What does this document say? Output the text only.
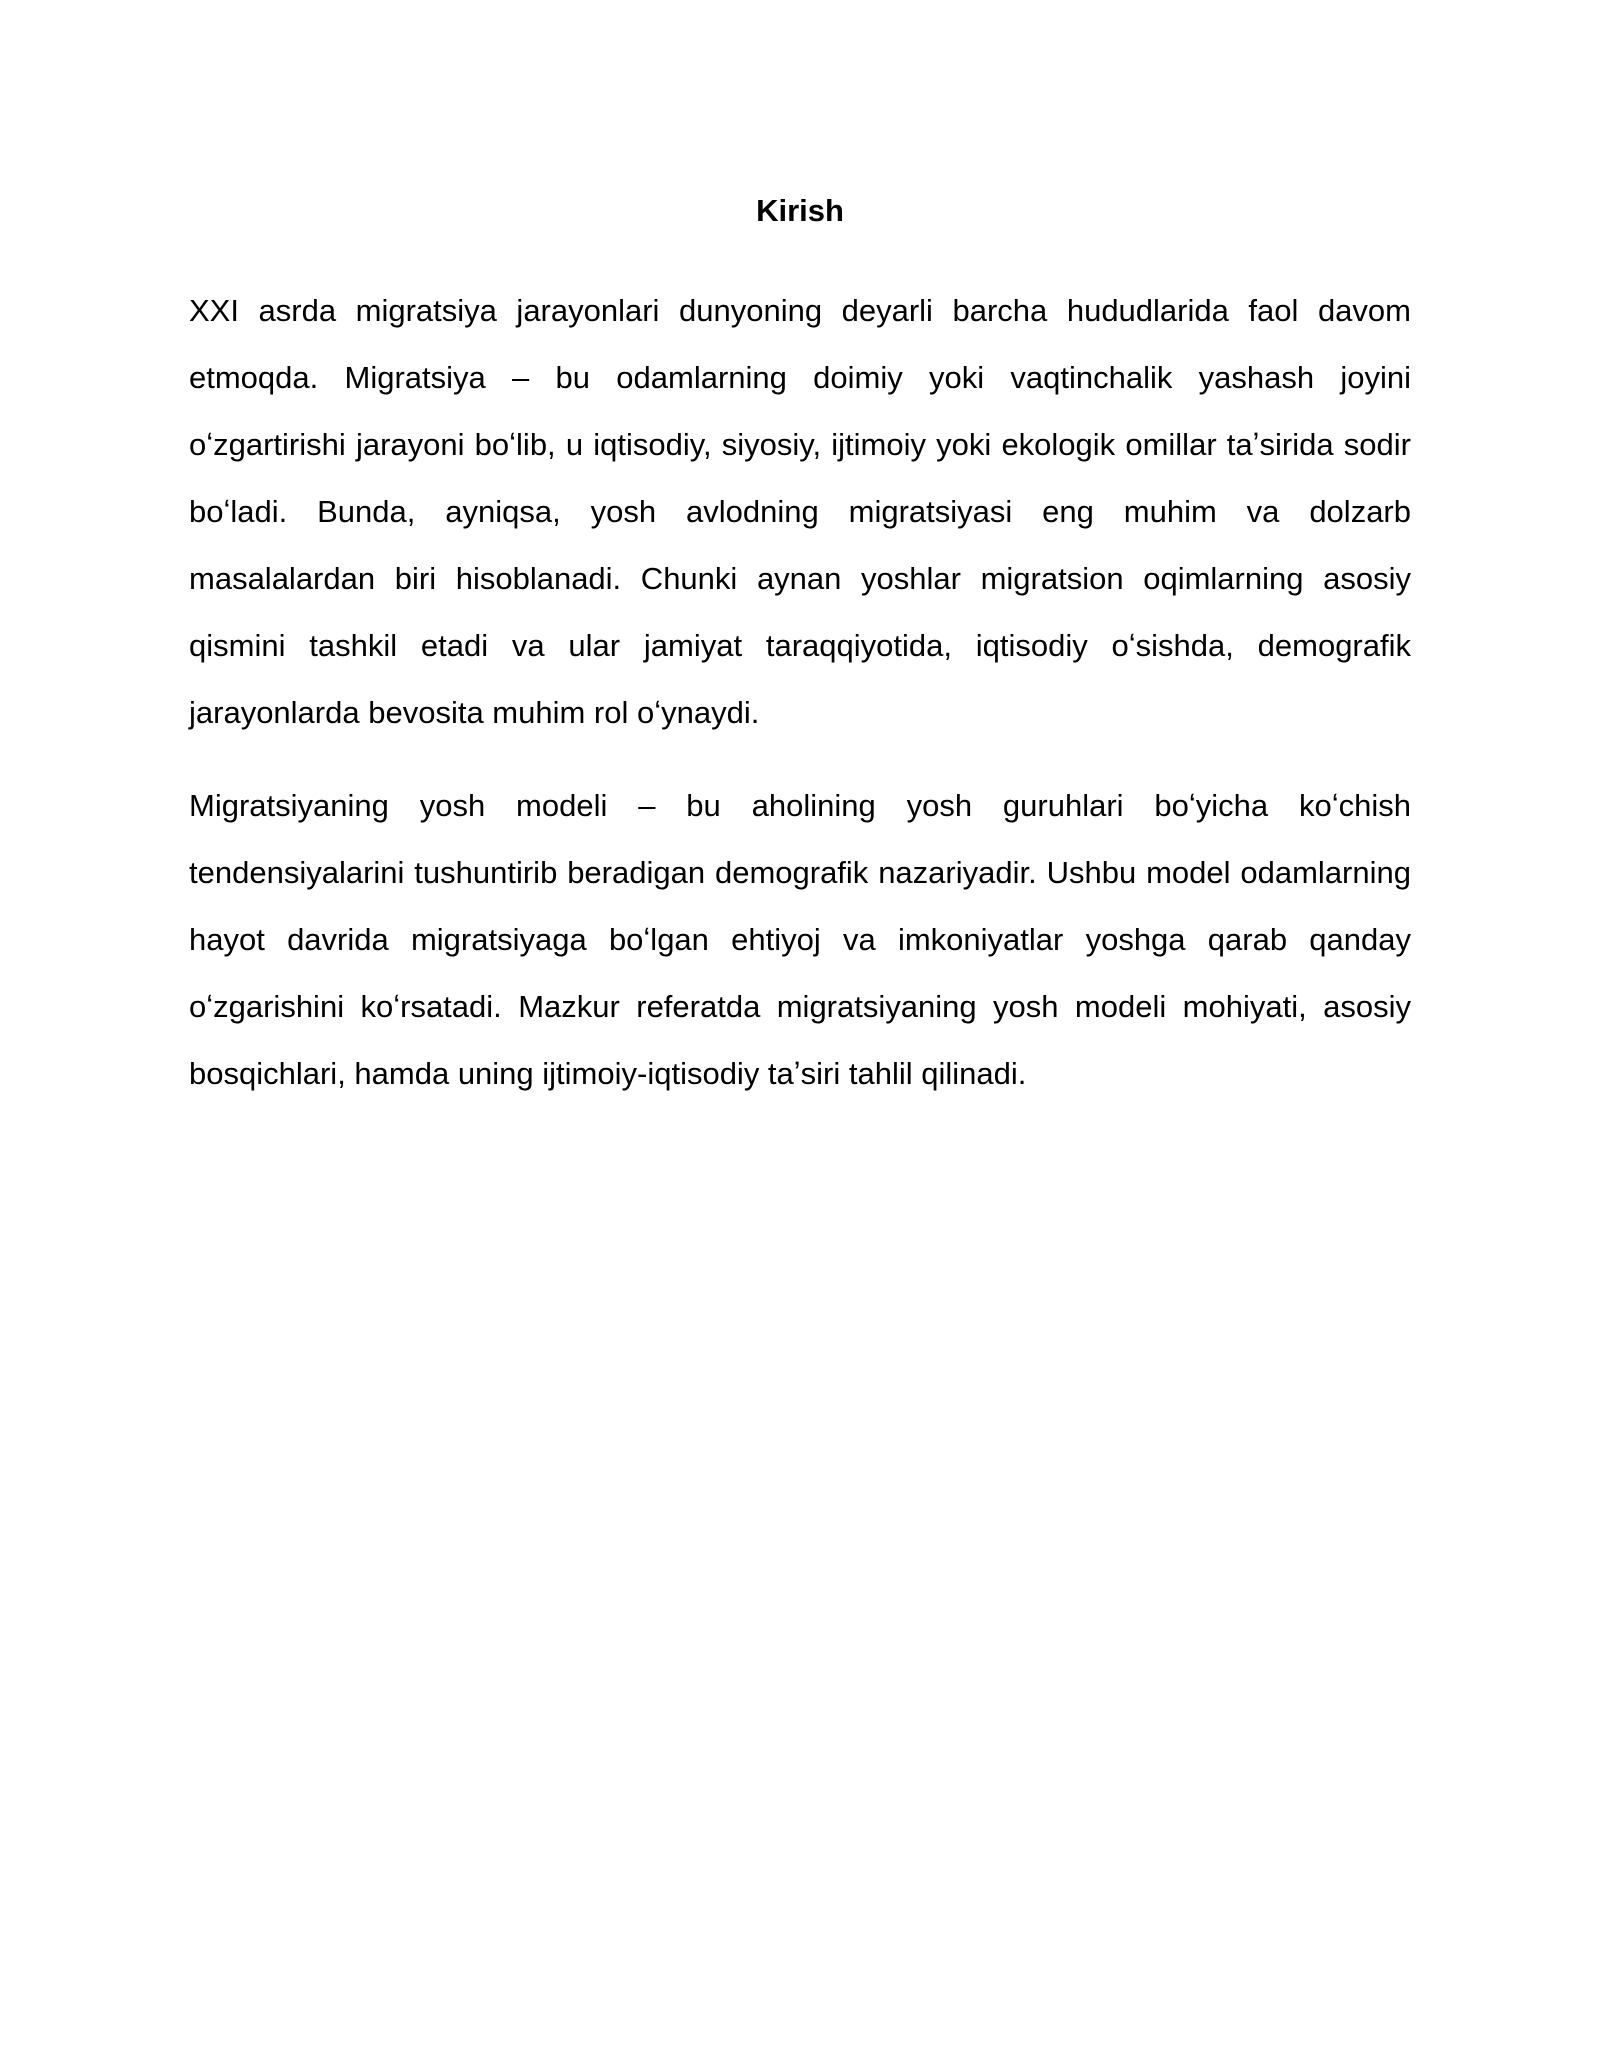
Kirish

XXI asrda migratsiya jarayonlari dunyoning deyarli barcha hududlarida faol davom etmoqda. Migratsiya – bu odamlarning doimiy yoki vaqtinchalik yashash joyini oʻzgartirishi jarayoni boʻlib, u iqtisodiy, siyosiy, ijtimoiy yoki ekologik omillar taʼsirida sodir boʻladi. Bunda, ayniqsa, yosh avlodning migratsiyasi eng muhim va dolzarb masalalardan biri hisoblanadi. Chunki aynan yoshlar migratsion oqimlarning asosiy qismini tashkil etadi va ular jamiyat taraqqiyotida, iqtisodiy oʻsishda, demografik jarayonlarda bevosita muhim rol oʻynaydi.

Migratsiyaning yosh modeli – bu aholining yosh guruhlari boʻyicha koʻchish tendensiyalarini tushuntirib beradigan demografik nazariyadir. Ushbu model odamlarning hayot davrida migratsiyaga boʻlgan ehtiyoj va imkoniyatlar yoshga qarab qanday oʻzgarishini koʻrsatadi. Mazkur referatda migratsiyaning yosh modeli mohiyati, asosiy bosqichlari, hamda uning ijtimoiy-iqtisodiy taʼsiri tahlil qilinadi.
